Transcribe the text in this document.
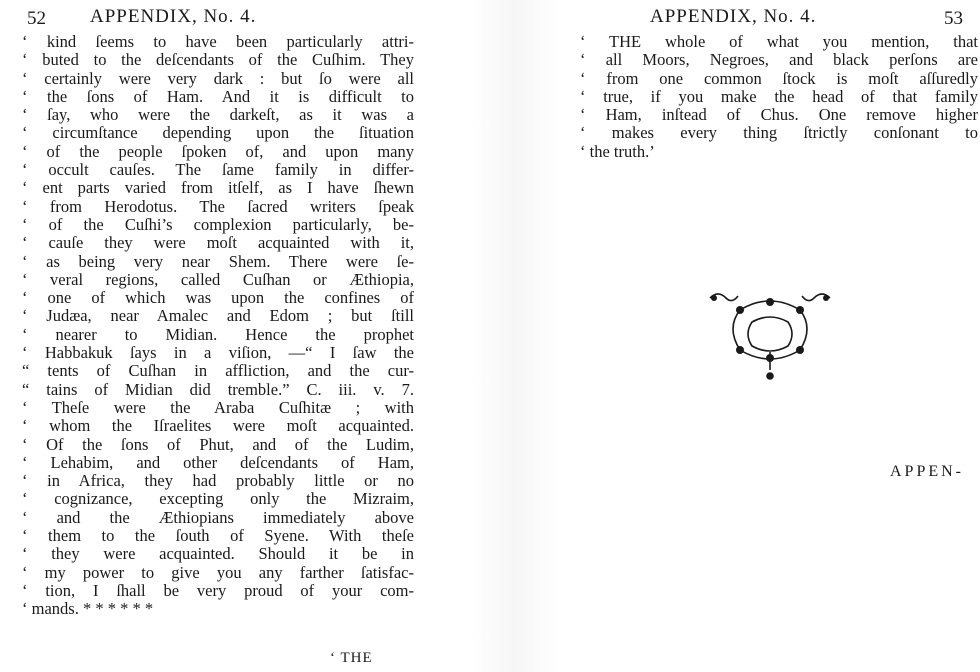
52 APPENDIX, No. 4.
‘ kind ſeems to have been particularly attri-
‘ buted to the deſcendants of the Cuſhim. They
‘ certainly were very dark : but ſo were all
‘ the ſons of Ham. And it is difficult to
‘ ſay, who were the darkeſt, as it was a
‘ circumſtance depending upon the ſituation
‘ of the people ſpoken of, and upon many
‘ occult cauſes. The ſame family in differ-
‘ ent parts varied from itſelf, as I have ſhewn
‘ from Herodotus. The ſacred writers ſpeak
‘ of the Cuſhi’s complexion particularly, be-
‘ cauſe they were moſt acquainted with it,
‘ as being very near Shem. There were ſe-
‘ veral regions, called Cuſhan or Æthiopia,
‘ one of which was upon the confines of
‘ Judæa, near Amalec and Edom ; but ſtill
‘ nearer to Midian. Hence the prophet
‘ Habbakuk ſays in a viſion, —“ I ſaw the
“ tents of Cuſhan in affliction, and the cur-
“ tains of Midian did tremble.” C. iii. v. 7.
‘ Theſe were the Araba Cuſhitæ ; with
‘ whom the Iſraelites were moſt acquainted.
‘ Of the ſons of Phut, and of the Ludim,
‘ Lehabim, and other deſcendants of Ham,
‘ in Africa, they had probably little or no
‘ cognizance, excepting only the Mizraim,
‘ and the Æthiopians immediately above
‘ them to the ſouth of Syene. With theſe
‘ they were acquainted. Should it be in
‘ my power to give you any farther ſatisfac-
‘ tion, I ſhall be very proud of your com-
‘ mands. * * * * * *
‘ THE
APPENDIX, No. 4.	53
‘ THE whole of what you mention, that
‘ all Moors, Negroes, and black perſons are
‘ from one common ſtock is moſt aſſuredly
‘ true, if you make the head of that family
‘ Ham, inſtead of Chus. One remove higher
‘ makes every thing ſtrictly conſonant to
‘ the truth.’
APPEN-
